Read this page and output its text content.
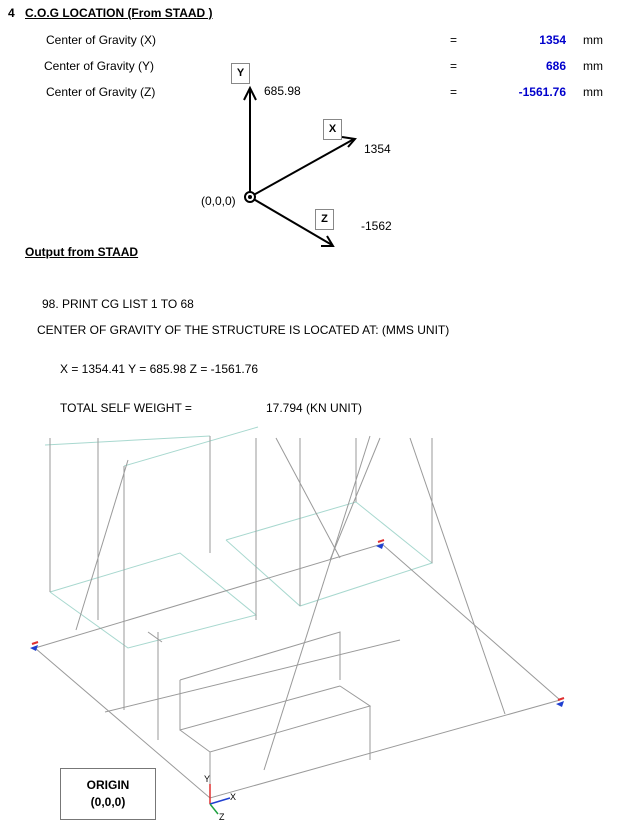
4 C.O.G LOCATION (From STAAD )
Center of Gravity (X)	=	1354 mm
Center of Gravity (Y)	=	686 mm
Center of Gravity (Z)	=	-1561.76 mm
Y
685.98
X
1354
Z	-1562
(0,0,0)
Output from STAAD
98. PRINT CG LIST 1 TO 68
CENTER OF GRAVITY OF THE STRUCTURE IS LOCATED AT: (MMS UNIT)
X = 1354.41 Y = 685.98 Z = -1561.76
TOTAL SELF WEIGHT =	17.794 (KN UNIT)
Y
X
Z
ORIGIN
(0,0,0)
